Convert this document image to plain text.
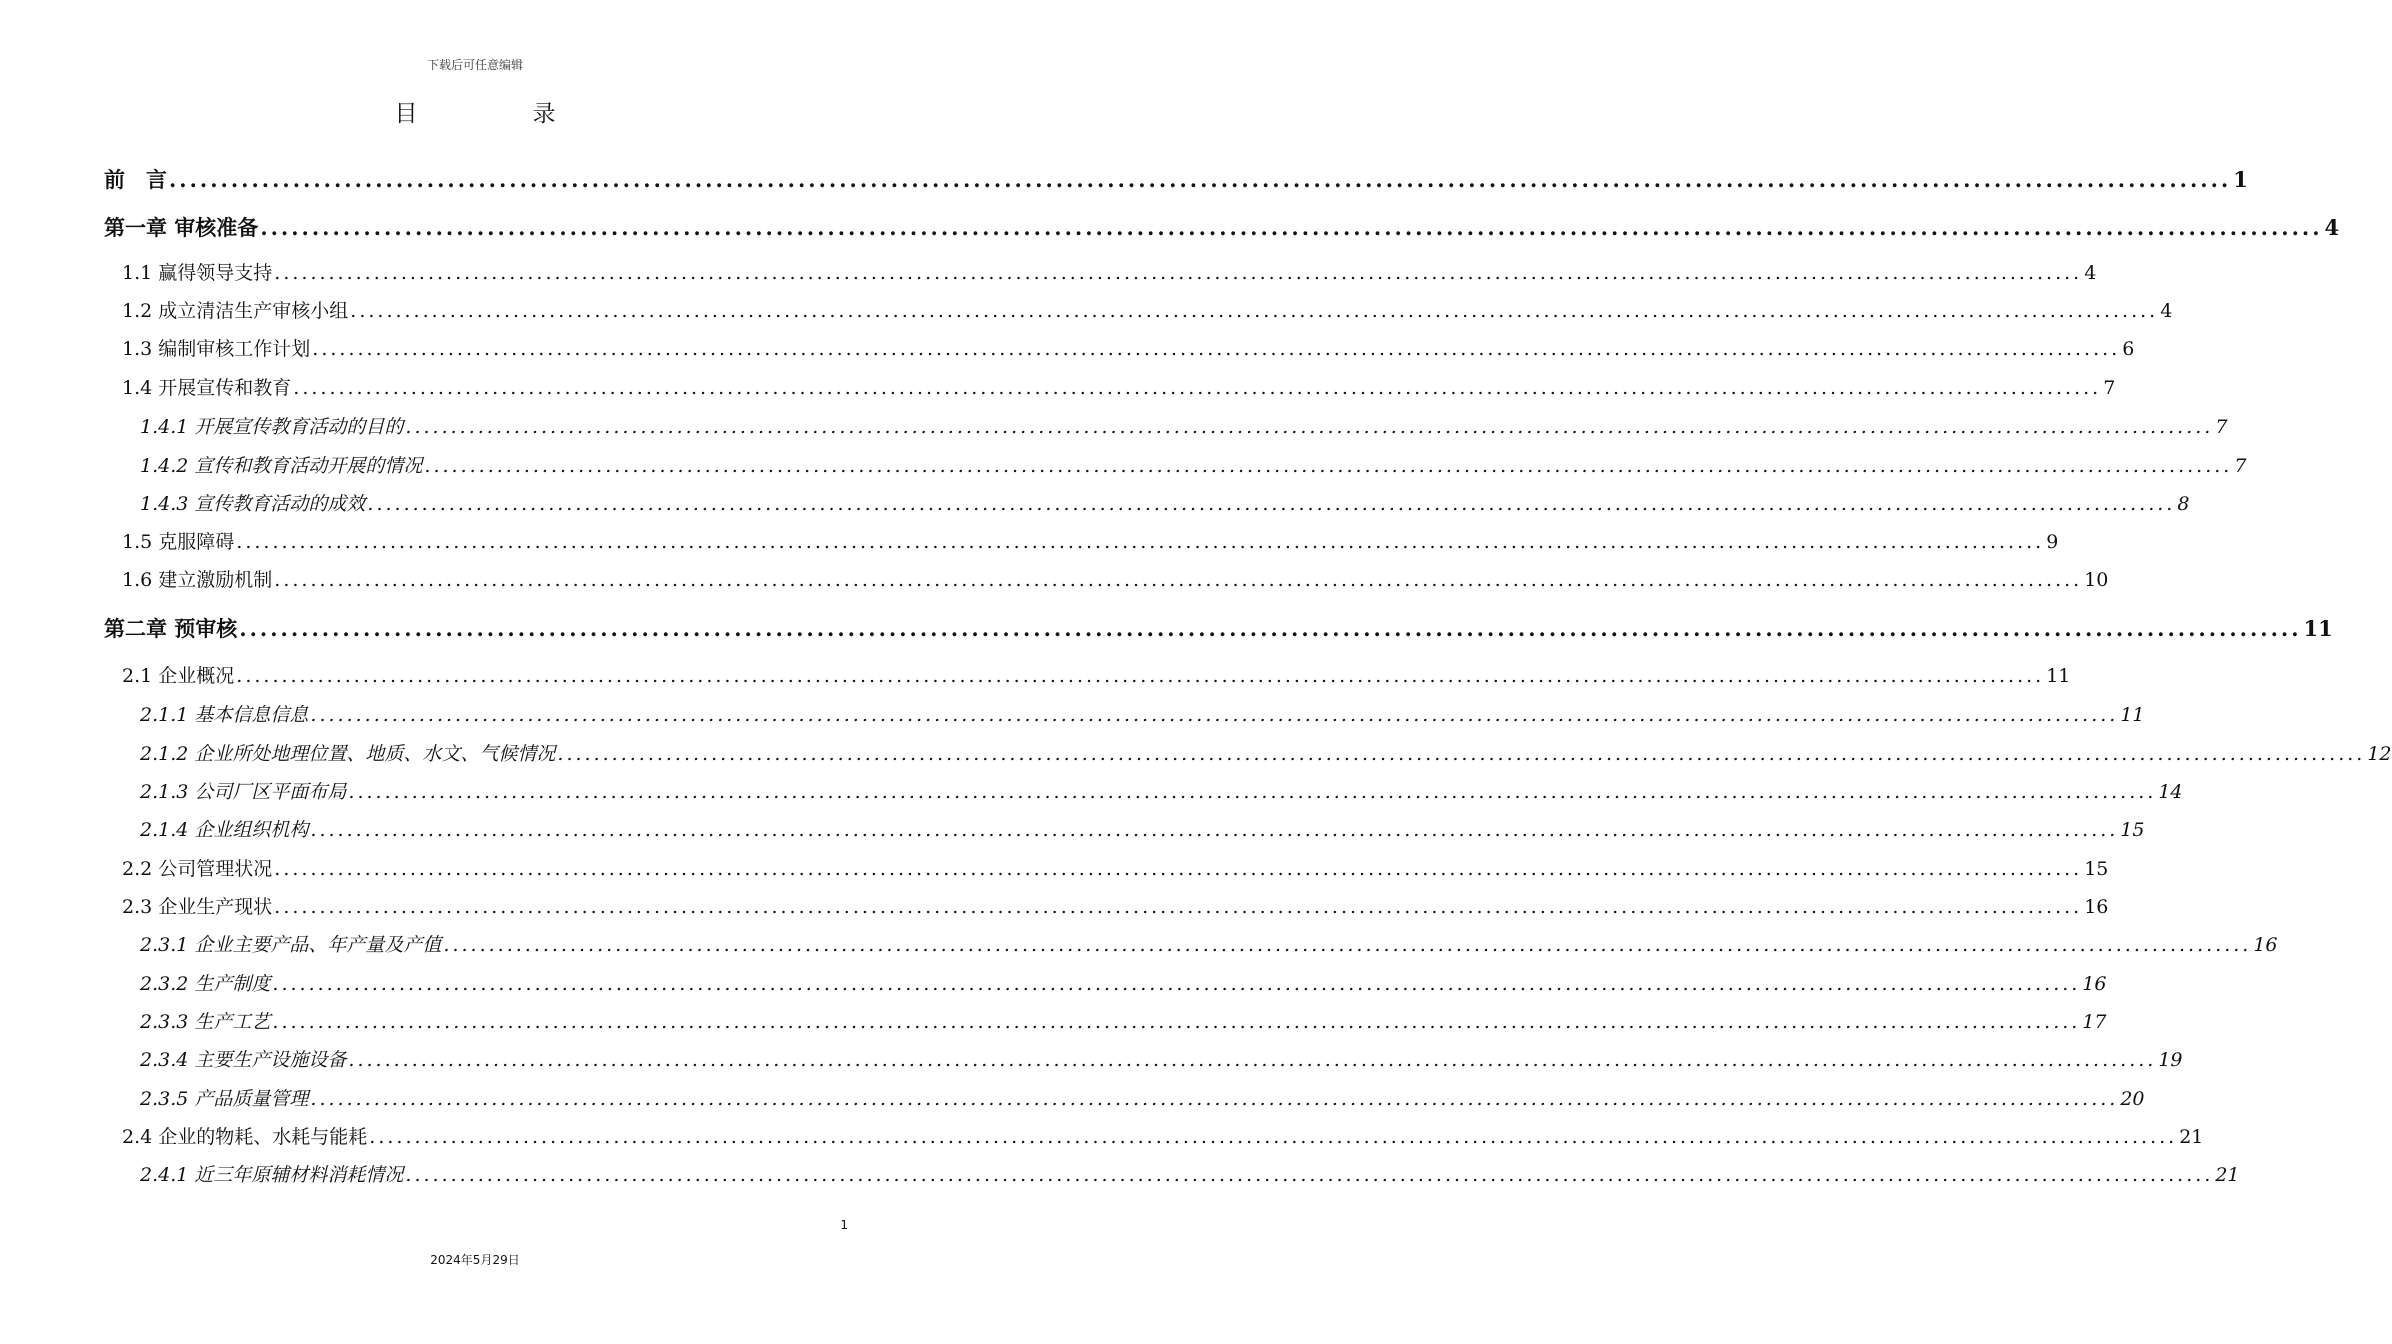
下载后可任意编辑
目　录
前　言 ........................................................................................................................................................................................................ 1
第一章 审核准备 ........................................................................................................................................................................................................ 4
1.1 赢得领导支持 ........................................................................................................................................................................................................ 4
1.2 成立清洁生产审核小组 ........................................................................................................................................................................................................ 4
1.3 编制审核工作计划 ........................................................................................................................................................................................................ 6
1.4 开展宣传和教育 ........................................................................................................................................................................................................ 7
1.4.1 开展宣传教育活动的目的 ........................................................................................................................................................................................................ 7
1.4.2 宣传和教育活动开展的情况 ........................................................................................................................................................................................................ 7
1.4.3 宣传教育活动的成效 ........................................................................................................................................................................................................ 8
1.5 克服障碍 ........................................................................................................................................................................................................ 9
1.6 建立激励机制 ........................................................................................................................................................................................................ 10
第二章 预审核 ........................................................................................................................................................................................................ 11
2.1 企业概况 ........................................................................................................................................................................................................ 11
2.1.1 基本信息信息 ........................................................................................................................................................................................................ 11
2.1.2 企业所处地理位置、地质、水文、气候情况 ........................................................................................................................................................................................................ 12
2.1.3 公司厂区平面布局 ........................................................................................................................................................................................................ 14
2.1.4 企业组织机构 ........................................................................................................................................................................................................ 15
2.2 公司管理状况 ........................................................................................................................................................................................................ 15
2.3 企业生产现状 ........................................................................................................................................................................................................ 16
2.3.1 企业主要产品、年产量及产值 ........................................................................................................................................................................................................ 16
2.3.2 生产制度 ........................................................................................................................................................................................................ 16
2.3.3 生产工艺 ........................................................................................................................................................................................................ 17
2.3.4 主要生产设施设备 ........................................................................................................................................................................................................ 19
2.3.5 产品质量管理 ........................................................................................................................................................................................................ 20
2.4 企业的物耗、水耗与能耗 ........................................................................................................................................................................................................ 21
2.4.1 近三年原辅材料消耗情况 ........................................................................................................................................................................................................ 21
1
2024年5月29日
